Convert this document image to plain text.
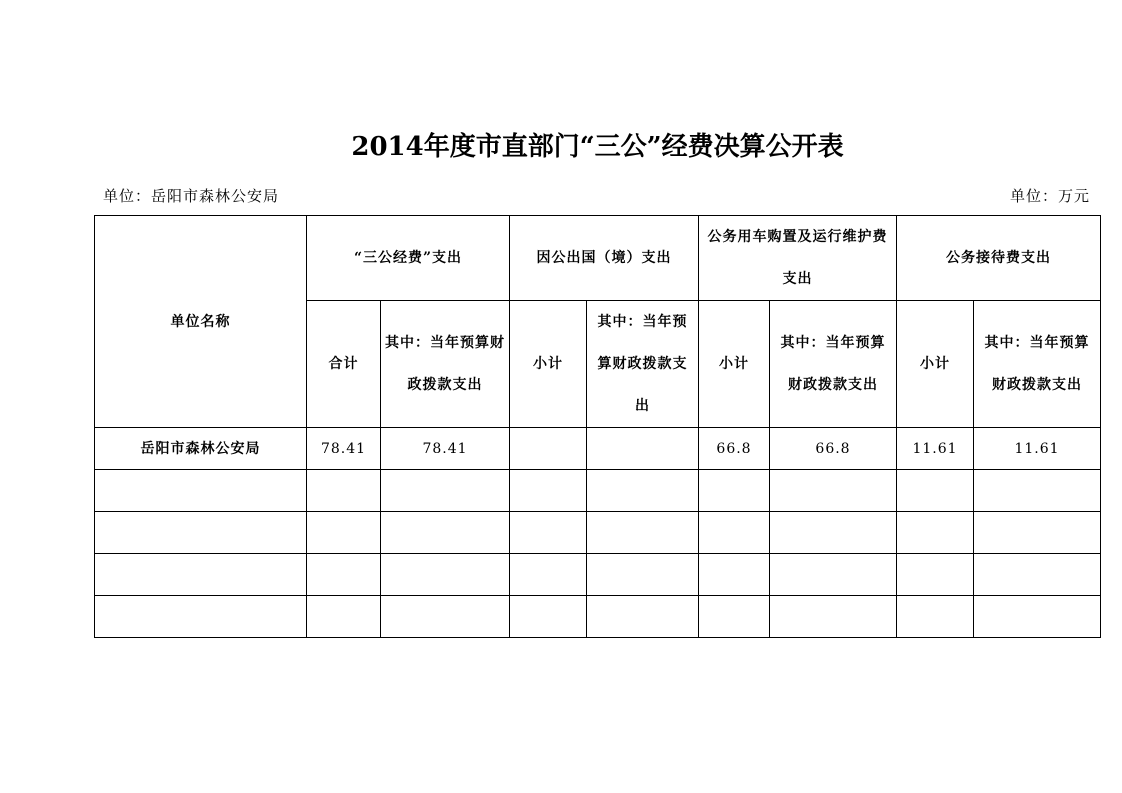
2014年度市直部门“三公”经费决算公开表
单位：岳阳市森林公安局	单位：万元
单位名称	“三公经费”支出		因公出国（境）支出		公务用车购置及运行维护费支出		公务接待费支出	
	合计	其中：当年预算财政拨款支出	小计	其中：当年预算财政拨款支出	小计	其中：当年预算财政拨款支出	小计	其中：当年预算财政拨款支出
岳阳市森林公安局	78.41	78.41			66.8	66.8	11.61	11.61
